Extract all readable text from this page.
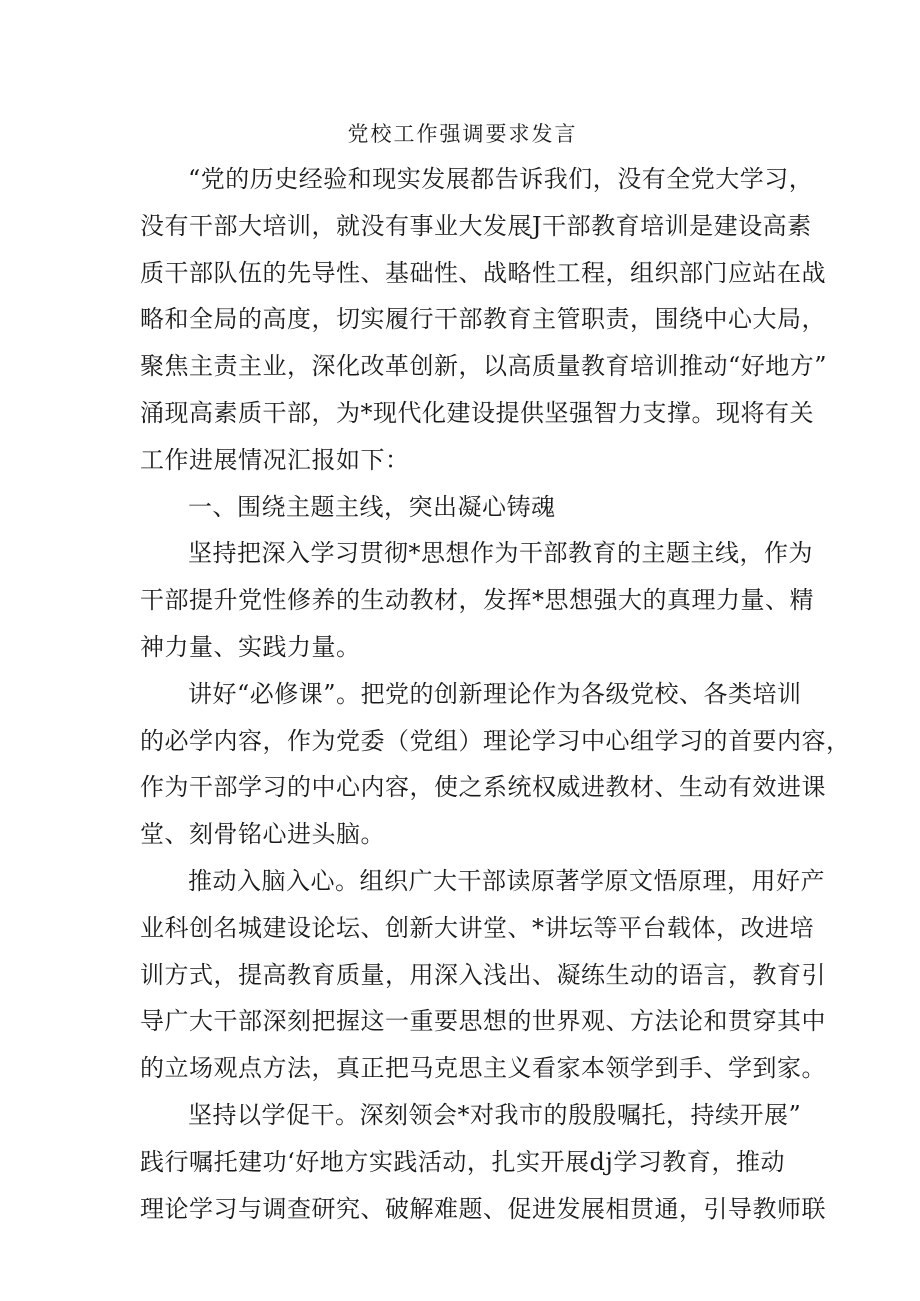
党校工作强调要求发言
“党的历史经验和现实发展都告诉我们，没有全党大学习，
没有干部大培训，就没有事业大发展J干部教育培训是建设高素
质干部队伍的先导性、基础性、战略性工程，组织部门应站在战
略和全局的高度，切实履行干部教育主管职责，围绕中心大局，
聚焦主责主业，深化改革创新，以高质量教育培训推动“好地方”
涌现高素质干部，为*现代化建设提供坚强智力支撑。现将有关
工作进展情况汇报如下：
一、围绕主题主线，突出凝心铸魂
坚持把深入学习贯彻*思想作为干部教育的主题主线，作为
干部提升党性修养的生动教材，发挥*思想强大的真理力量、精
神力量、实践力量。
讲好“必修课”。把党的创新理论作为各级党校、各类培训
的必学内容，作为党委（党组）理论学习中心组学习的首要内容，
作为干部学习的中心内容，使之系统权威进教材、生动有效进课
堂、刻骨铭心进头脑。
推动入脑入心。组织广大干部读原著学原文悟原理，用好产
业科创名城建设论坛、创新大讲堂、*讲坛等平台载体，改进培
训方式，提高教育质量，用深入浅出、凝练生动的语言，教育引
导广大干部深刻把握这一重要思想的世界观、方法论和贯穿其中
的立场观点方法，真正把马克思主义看家本领学到手、学到家。
坚持以学促干。深刻领会*对我市的殷殷嘱托，持续开展”
践行嘱托建功‘好地方实践活动，扎实开展dj学习教育，推动
理论学习与调查研究、破解难题、促进发展相贯通，引导教师联
